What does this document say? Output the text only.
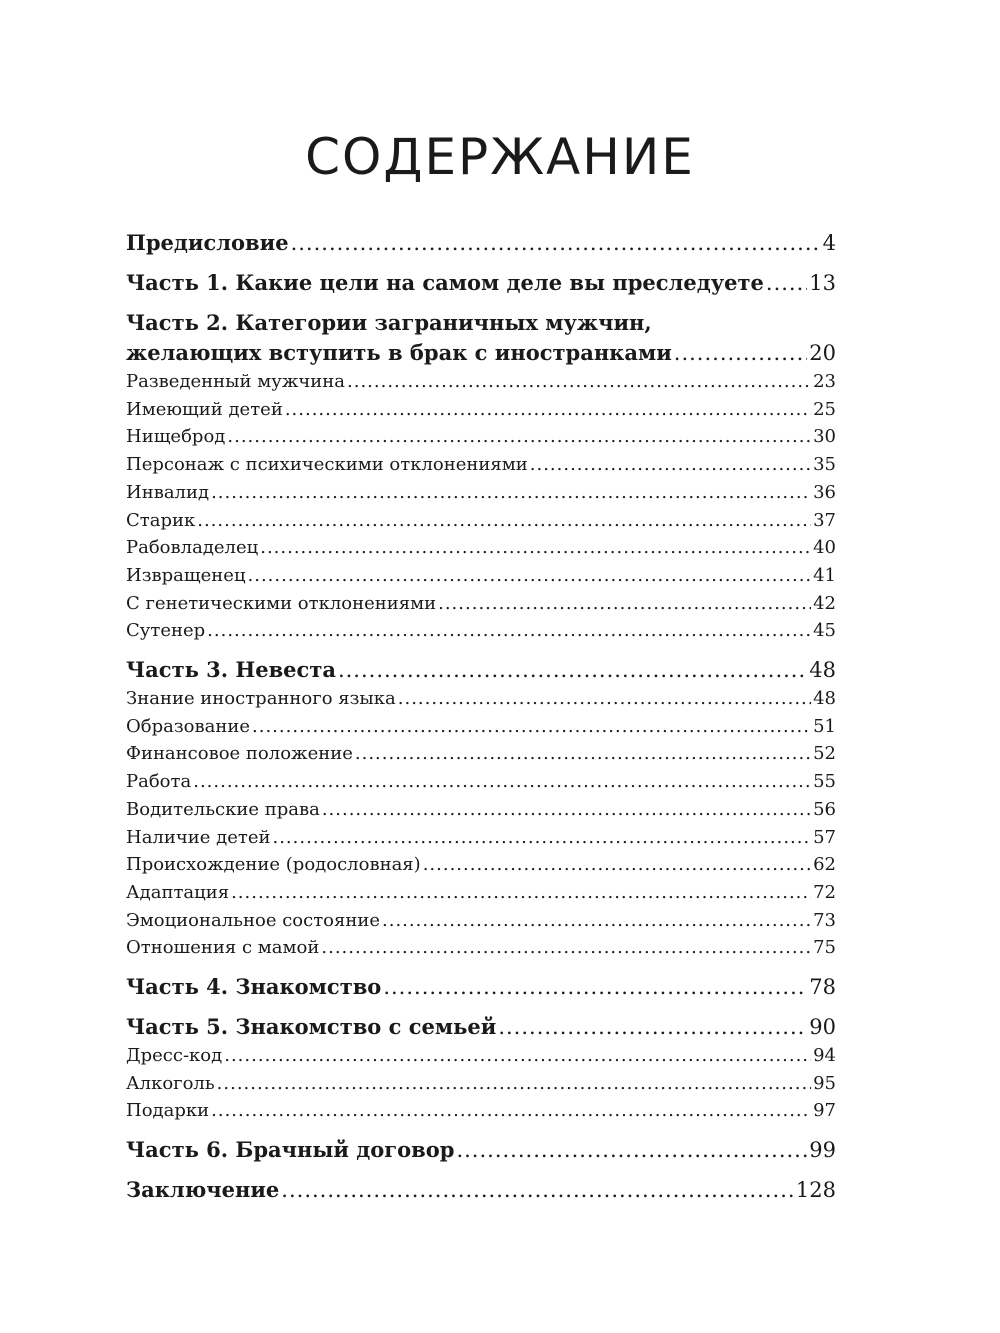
СОДЕРЖАНИЕ
Предисловие .....	4
Часть 1. Какие цели на самом деле вы преследуете ..... 13
Часть 2. Категории заграничных мужчин,
желающих вступить в брак с иностранками .....	20
Разведенный мужчина .....	23
Имеющий детей .....	25
Нищеброд .....	30
Персонаж с психическими отклонениями .....	35
Инвалид .....	36
Старик .....	37
Рабовладелец .....	40
Извращенец .....	41
С генетическими отклонениями .....	42
Сутенер .....	45
Часть 3. Невеста .....	48
Знание иностранного языка .....	48
Образование .....	51
Финансовое положение .....	52
Работа .....	55
Водительские права .....	56
Наличие детей .....	57
Происхождение (родословная) .....	62
Адаптация .....	72
Эмоциональное состояние .....	73
Отношения с мамой .....	75
Часть 4. Знакомство .....	78
Часть 5. Знакомство с семьей .....	90
Дресс-код .....	94
Алкоголь .....	95
Подарки .....	97
Часть 6. Брачный договор .....	99
Заключение .....	128
